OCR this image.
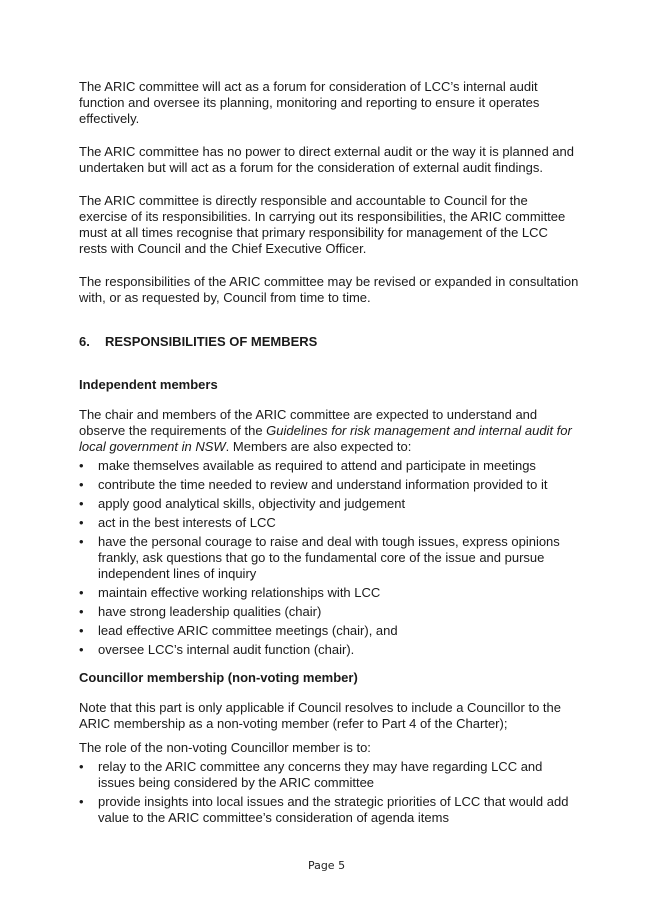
The ARIC committee will act as a forum for consideration of LCC’s internal audit function and oversee its planning, monitoring and reporting to ensure it operates effectively.

The ARIC committee has no power to direct external audit or the way it is planned and undertaken but will act as a forum for the consideration of external audit findings.

The ARIC committee is directly responsible and accountable to Council for the exercise of its responsibilities. In carrying out its responsibilities, the ARIC committee must at all times recognise that primary responsibility for management of the LCC rests with Council and the Chief Executive Officer.

The responsibilities of the ARIC committee may be revised or expanded in consultation with, or as requested by, Council from time to time.

6. RESPONSIBILITIES OF MEMBERS

Independent members

The chair and members of the ARIC committee are expected to understand and observe the requirements of the Guidelines for risk management and internal audit for local government in NSW. Members are also expected to:

• make themselves available as required to attend and participate in meetings
• contribute the time needed to review and understand information provided to it
• apply good analytical skills, objectivity and judgement
• act in the best interests of LCC
• have the personal courage to raise and deal with tough issues, express opinions frankly, ask questions that go to the fundamental core of the issue and pursue independent lines of inquiry
• maintain effective working relationships with LCC
• have strong leadership qualities (chair)
• lead effective ARIC committee meetings (chair), and
• oversee LCC’s internal audit function (chair).

Councillor membership (non-voting member)

Note that this part is only applicable if Council resolves to include a Councillor to the ARIC membership as a non-voting member (refer to Part 4 of the Charter);

The role of the non-voting Councillor member is to:

• relay to the ARIC committee any concerns they may have regarding LCC and issues being considered by the ARIC committee
• provide insights into local issues and the strategic priorities of LCC that would add value to the ARIC committee’s consideration of agenda items
Page 5
